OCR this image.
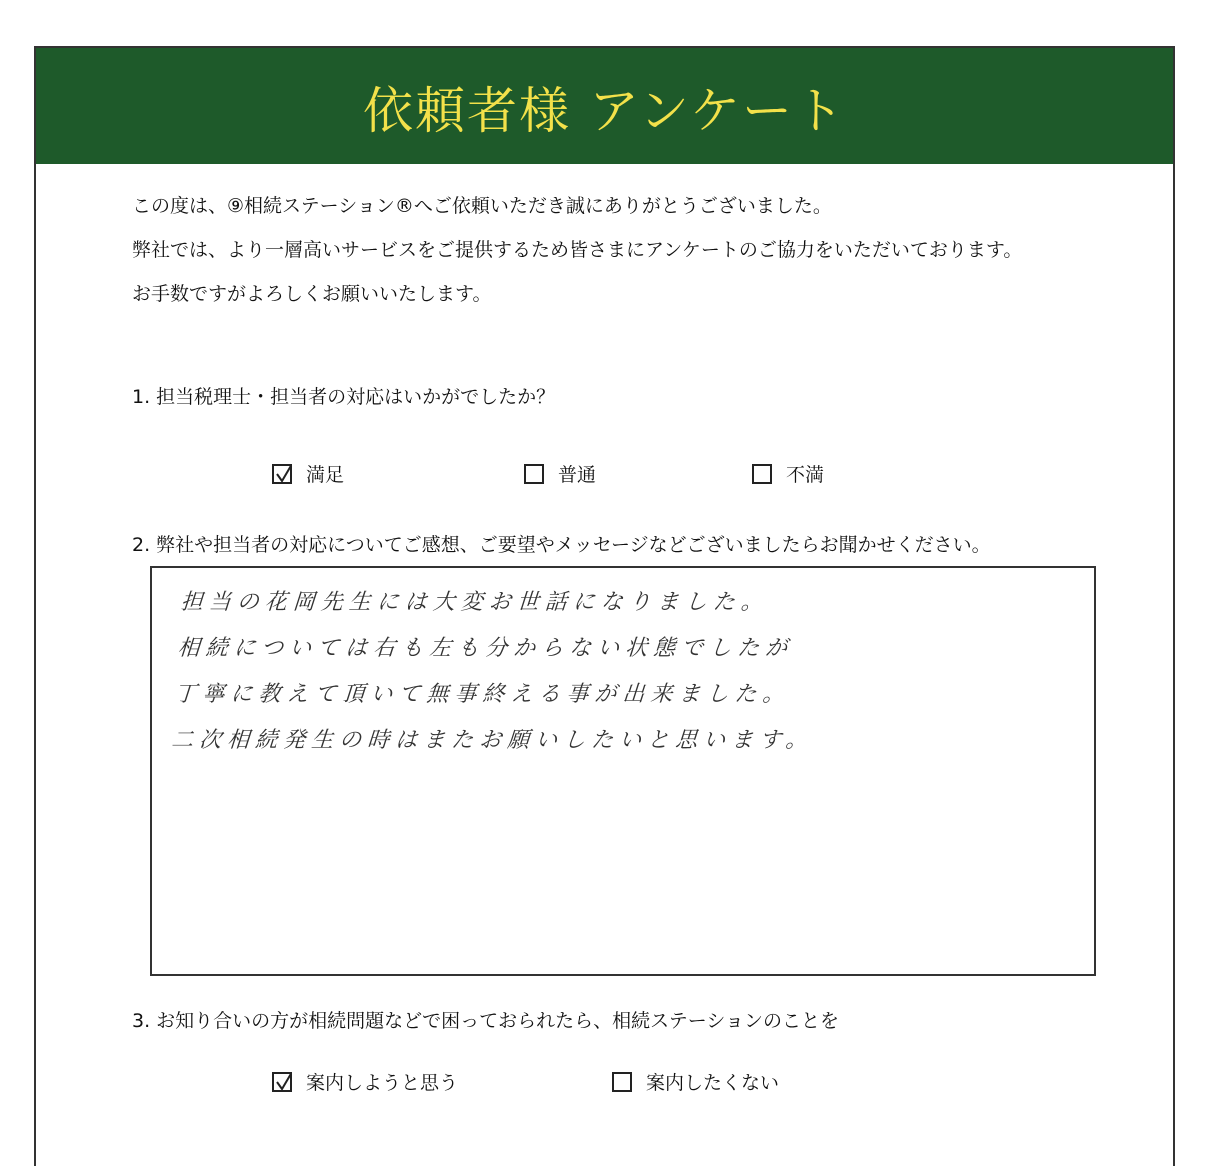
依頼者様 アンケート

この度は、⑨相続ステーション®へご依頼いただき誠にありがとうございました。

弊社では、より一層高いサービスをご提供するため皆さまにアンケートのご協力をいただいております。

お手数ですがよろしくお願いいたします。

1. 担当税理士・担当者の対応はいかがでしたか？
満足	普通	不満
2. 弊社や担当者の対応についてご感想、ご要望やメッセージなどございましたらお聞かせください。

担当の花岡先生には大変お世話になりました。

相続については右も左も分からない状態でしたが

丁寧に教えて頂いて無事終える事が出来ました。

二次相続発生の時はまたお願いしたいと思います。

3. お知り合いの方が相続問題などで困っておられたら、相続ステーションのことを
案内しようと思う	案内したくない
